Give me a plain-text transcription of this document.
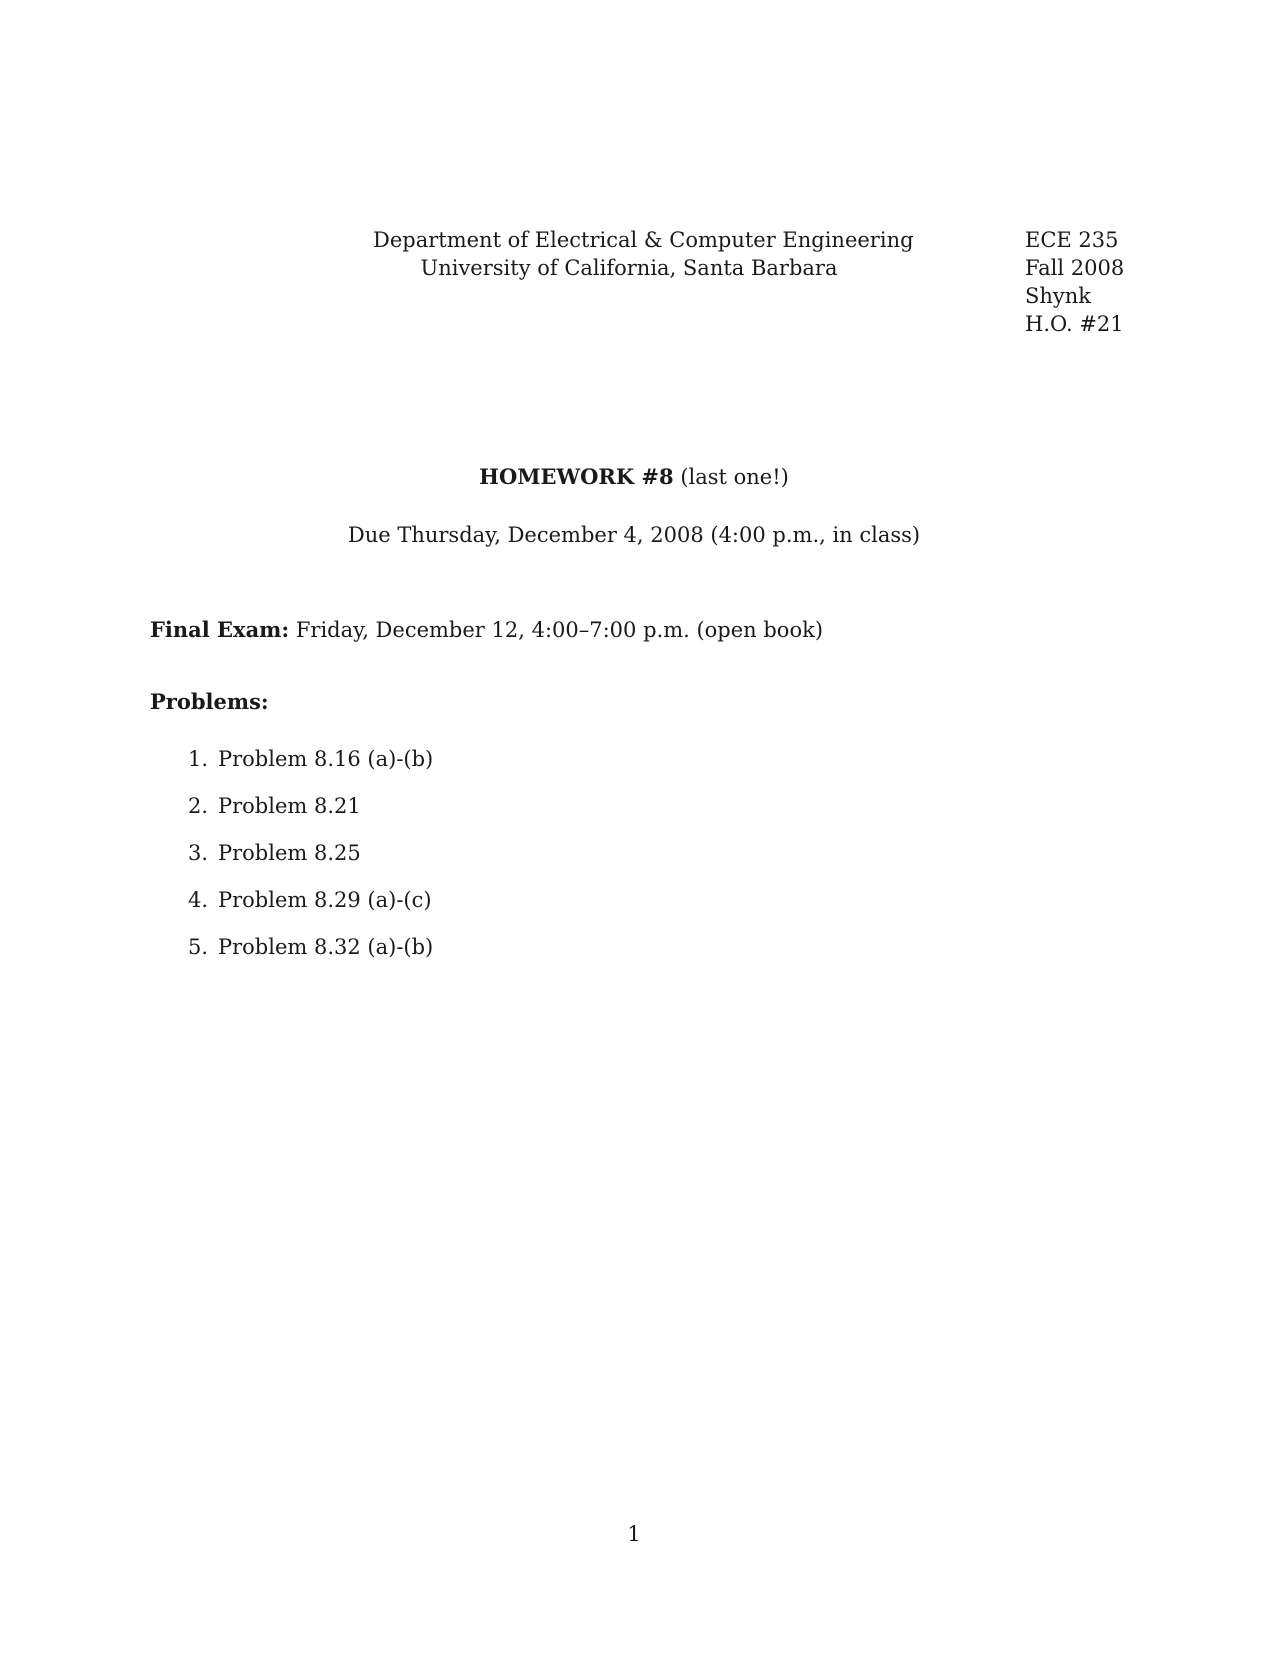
Department of Electrical & Computer Engineering
University of California, Santa Barbara
ECE 235
Fall 2008
Shynk
H.O. #21
HOMEWORK #8 (last one!)
Due Thursday, December 4, 2008 (4:00 p.m., in class)
Final Exam: Friday, December 12, 4:00–7:00 p.m. (open book)
Problems:
1. Problem 8.16 (a)-(b)
2. Problem 8.21
3. Problem 8.25
4. Problem 8.29 (a)-(c)
5. Problem 8.32 (a)-(b)
1
